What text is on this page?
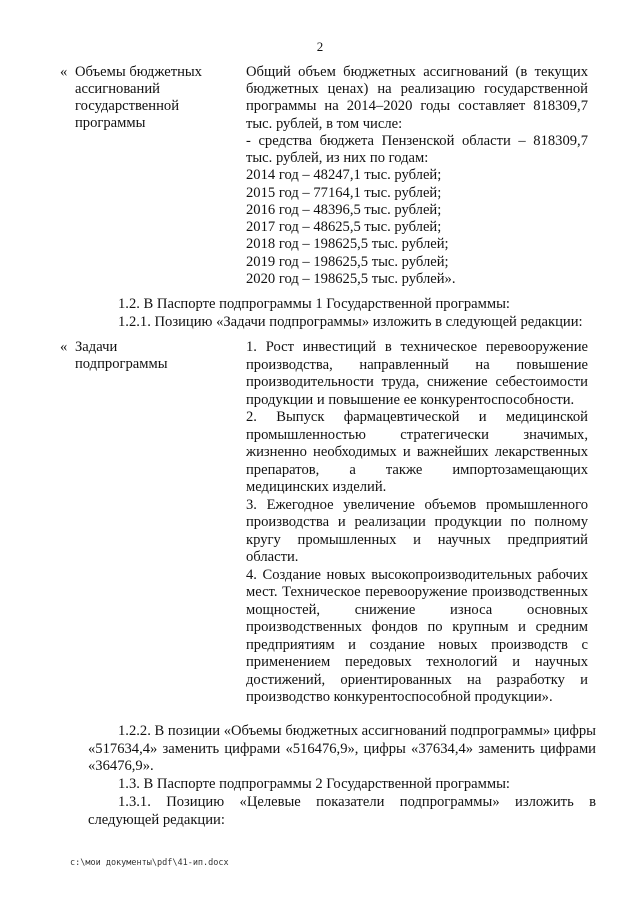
2
« Объемы бюджетных ассигнований государственной программы

Общий объем бюджетных ассигнований (в текущих бюджетных ценах) на реализацию государственной программы на 2014–2020 годы составляет 818309,7 тыс. рублей, в том числе:

- средства бюджета Пензенской области – 818309,7 тыс. рублей, из них по годам:

2014 год – 48247,1 тыс. рублей;

2015 год – 77164,1 тыс. рублей;

2016 год – 48396,5 тыс. рублей;

2017 год – 48625,5 тыс. рублей;

2018 год – 198625,5 тыс. рублей;

2019 год – 198625,5 тыс. рублей;

2020 год – 198625,5 тыс. рублей».

1.2. В Паспорте подпрограммы 1 Государственной программы:

1.2.1. Позицию «Задачи подпрограммы» изложить в следующей редакции:

« Задачи подпрограммы

1. Рост инвестиций в техническое перевооружение производства, направленный на повышение производительности труда, снижение себестоимости продукции и повышение ее конкурентоспособности.

2. Выпуск фармацевтической и медицинской промышленностью стратегически значимых, жизненно необходимых и важнейших лекарственных препаратов, а также импортозамещающих медицинских изделий.

3. Ежегодное увеличение объемов промышленного производства и реализации продукции по полному кругу промышленных и научных предприятий области.

4. Создание новых высокопроизводительных рабочих мест. Техническое перевооружение производственных мощностей, снижение износа основных производственных фондов по крупным и средним предприятиям и создание новых производств с применением передовых технологий и научных достижений, ориентированных на разработку и производство конкурентоспособной продукции».

1.2.2. В позиции «Объемы бюджетных ассигнований подпрограммы» цифры «517634,4» заменить цифрами «516476,9», цифры «37634,4» заменить цифрами «36476,9».

1.3. В Паспорте подпрограммы 2 Государственной программы:

1.3.1. Позицию «Целевые показатели подпрограммы» изложить в следующей редакции:

c:\мои документы\pdf\41-ип.docx
